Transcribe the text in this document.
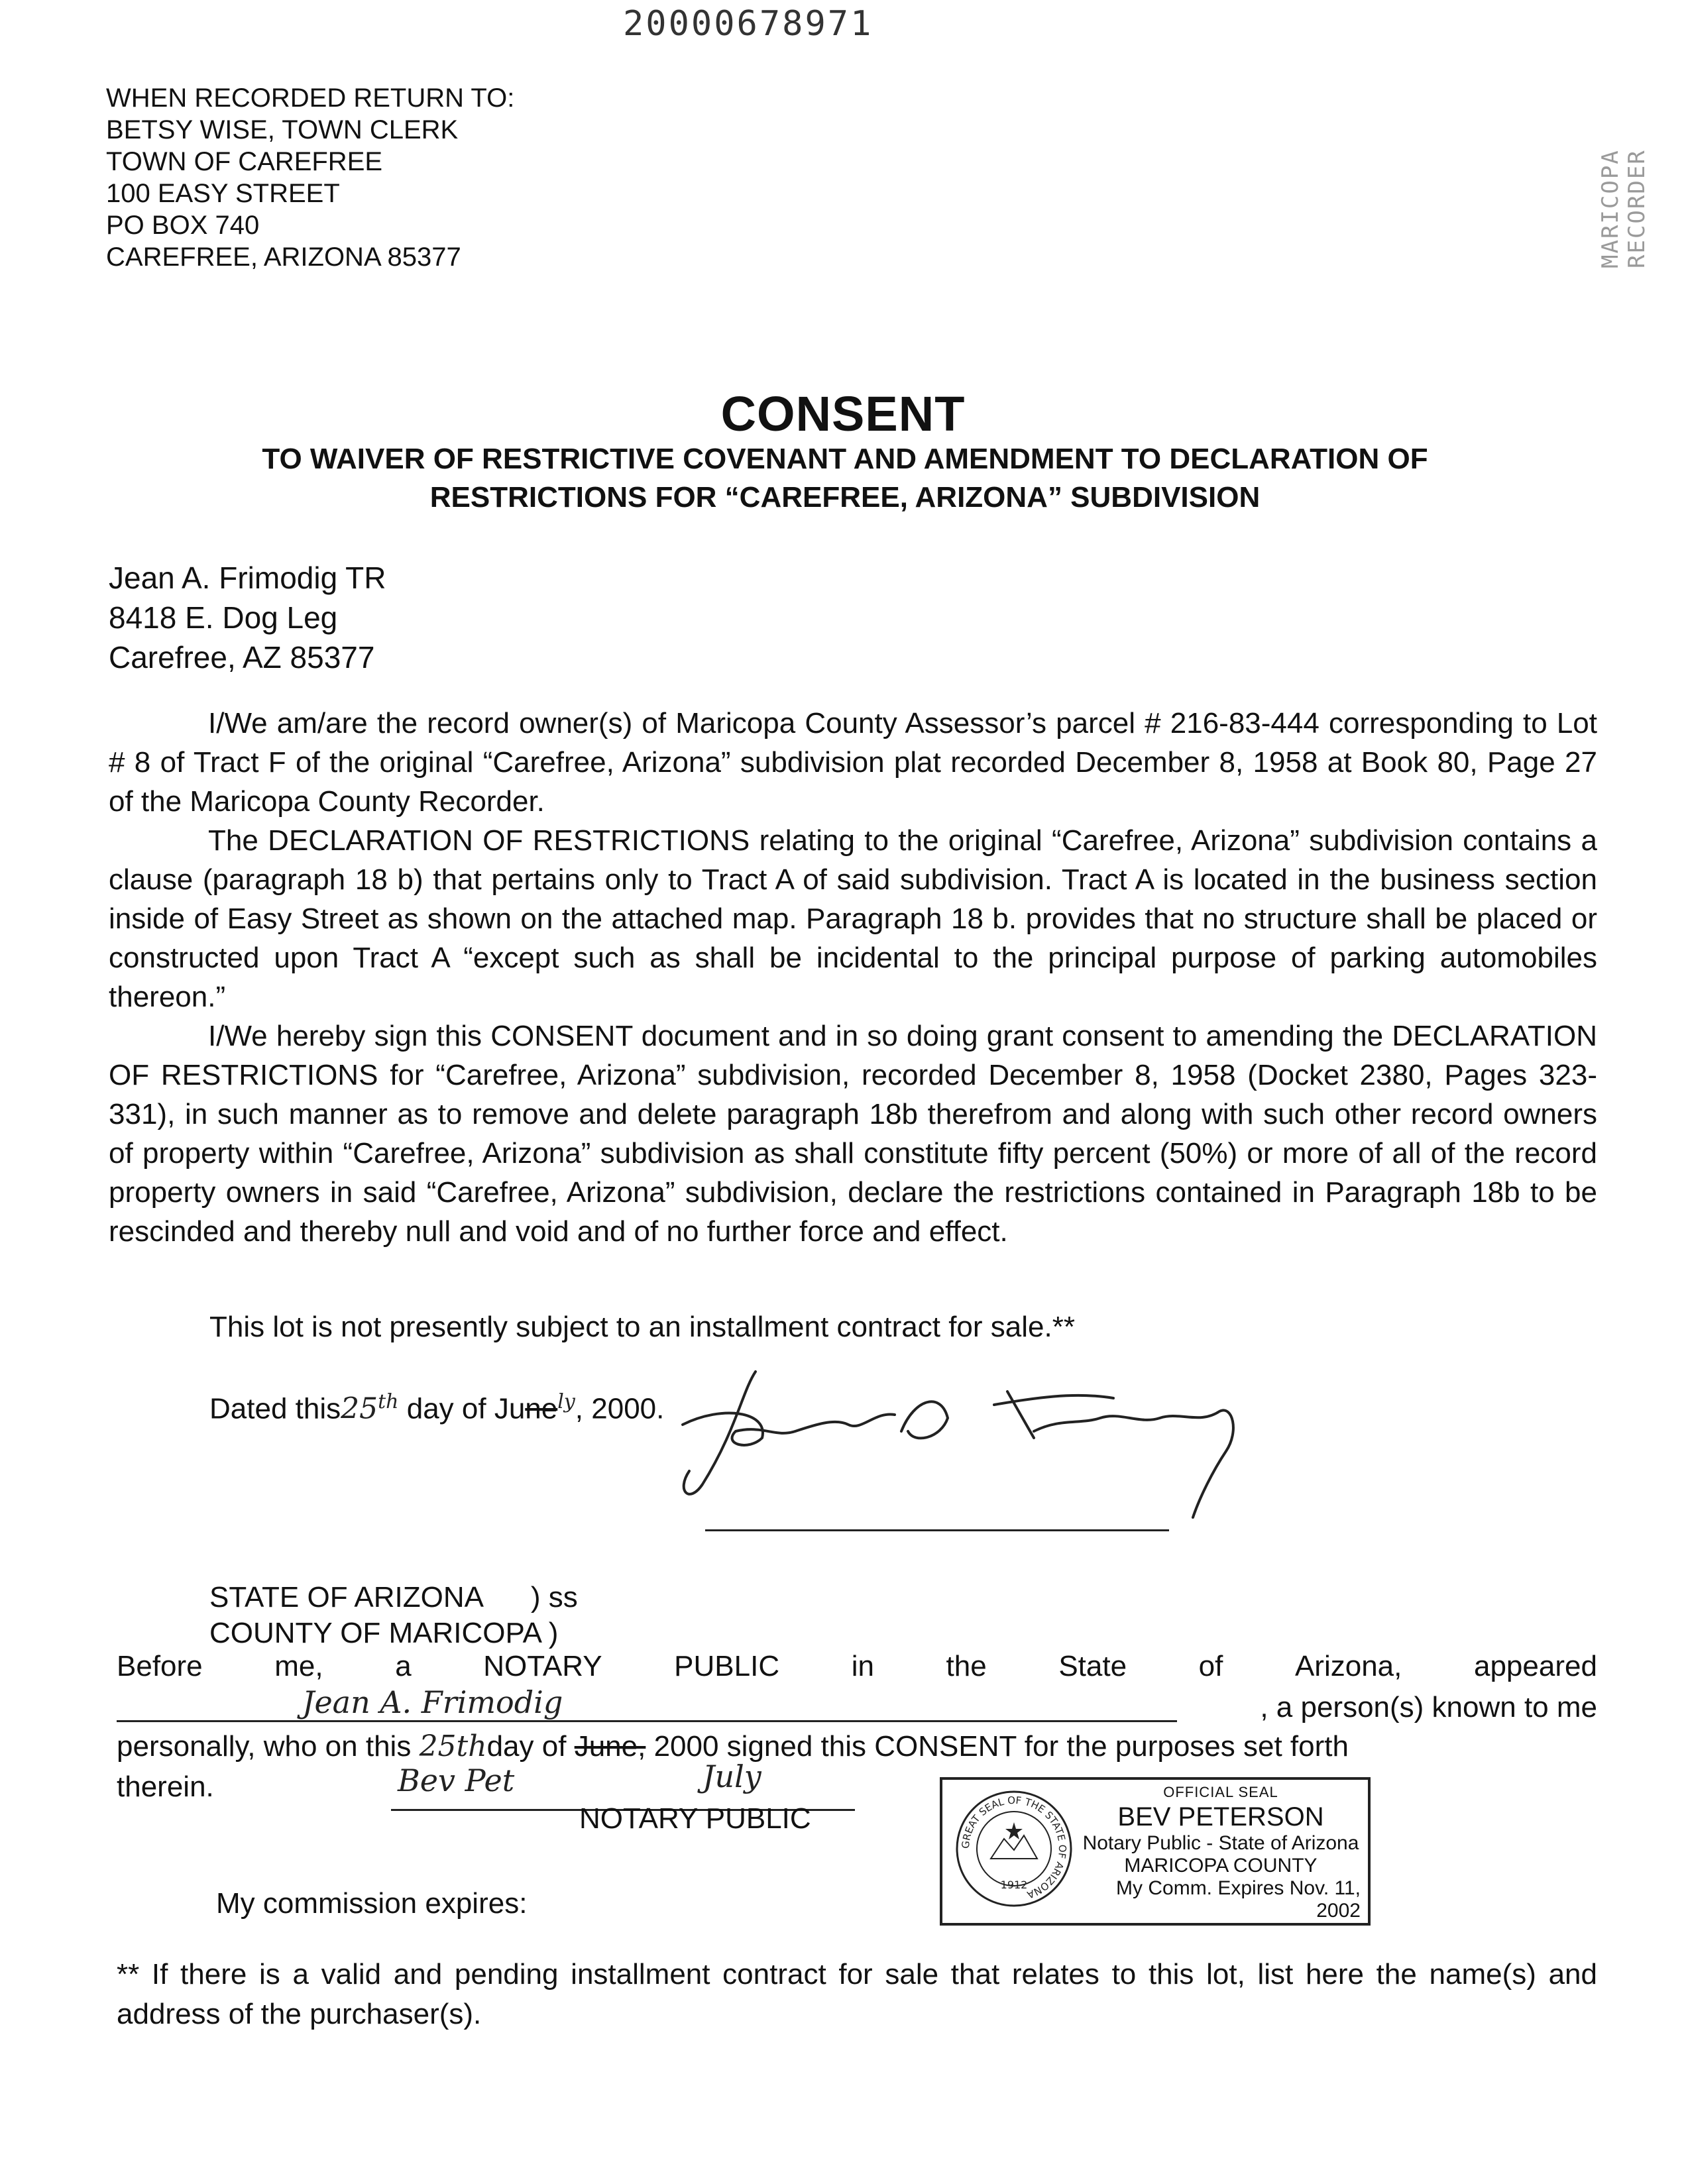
20000678971
WHEN RECORDED RETURN TO:
BETSY WISE, TOWN CLERK
TOWN OF CAREFREE
100 EASY STREET
PO BOX 740
CAREFREE, ARIZONA 85377	MARICOPA RECORDER
CONSENT
TO WAIVER OF RESTRICTIVE COVENANT AND AMENDMENT TO DECLARATION OF
RESTRICTIONS FOR “CAREFREE, ARIZONA” SUBDIVISION
Jean A. Frimodig TR
8418 E. Dog Leg
Carefree, AZ 85377

I/We am/are the record owner(s) of Maricopa County Assessor’s parcel # 216-83-444 corresponding to Lot # 8 of Tract F of the original “Carefree, Arizona” subdivision plat recorded December 8, 1958 at Book 80, Page 27 of the Maricopa County Recorder.

The DECLARATION OF RESTRICTIONS relating to the original “Carefree, Arizona” subdivision contains a clause (paragraph 18 b) that pertains only to Tract A of said subdivision. Tract A is located in the business section inside of Easy Street as shown on the attached map. Paragraph 18 b. provides that no structure shall be placed or constructed upon Tract A “except such as shall be incidental to the principal purpose of parking automobiles thereon.”

I/We hereby sign this CONSENT document and in so doing grant consent to amending the DECLARATION OF RESTRICTIONS for “Carefree, Arizona” subdivision, recorded December 8, 1958 (Docket 2380, Pages 323-331), in such manner as to remove and delete paragraph 18b therefrom and along with such other record owners of property within “Carefree, Arizona” subdivision as shall constitute fifty percent (50%) or more of all of the record property owners in said “Carefree, Arizona” subdivision, declare the restrictions contained in Paragraph 18b to be rescinded and thereby null and void and of no further force and effect.

This lot is not presently subject to an installment contract for sale.**
Dated this25th day of June$^{ly}$, 2000.
STATE OF ARIZONA      ) ss
COUNTY OF MARICOPA )
Before me, a NOTARY PUBLIC in the State of Arizona, appeared
Jean A. Frimodig	, a person(s) known to me
personally, who on this 25thday of June, 2000 signed this CONSENT for the purposes set forth
therein.	Bev Pet	July
NOTARY PUBLIC
GREAT SEAL OF THE STATE OF ARIZONA
1912
OFFICIAL SEAL
BEV PETERSON
Notary Public - State of Arizona
MARICOPA COUNTY
My Comm. Expires Nov. 11, 2002
My commission expires:
** If there is a valid and pending installment contract for sale that relates to this lot, list here the name(s) and address of the purchaser(s).
